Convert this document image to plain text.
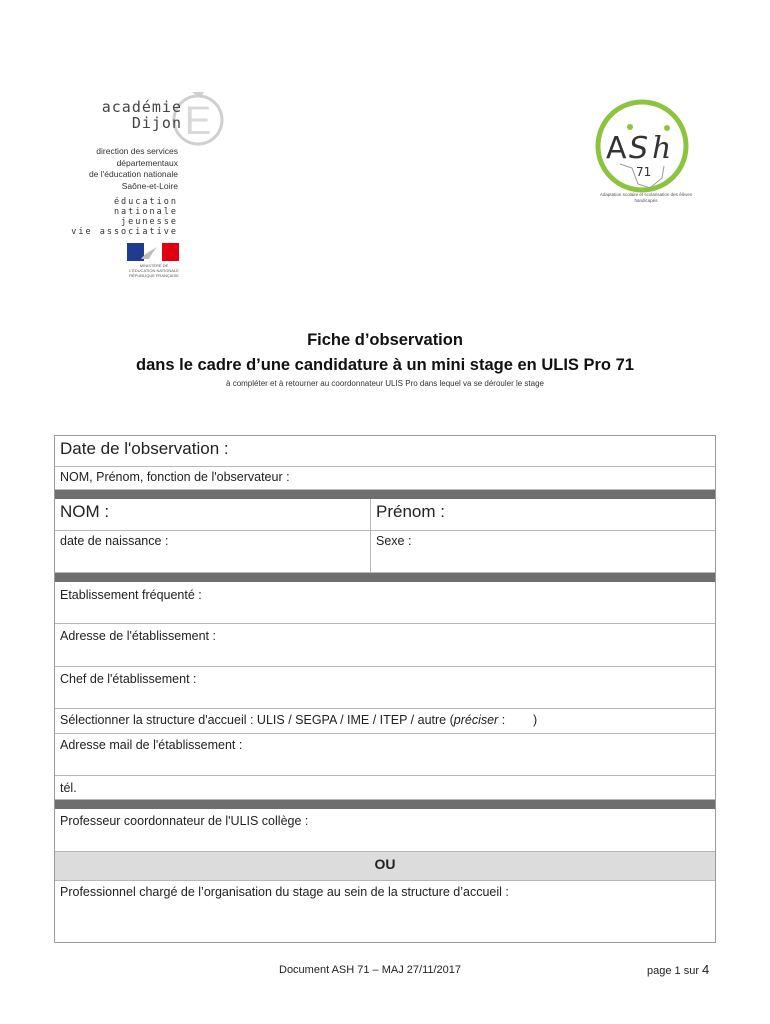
E
académie
Dijon
direction des services
départementaux
de l'éducation nationale
Saône-et-Loire
éducation
nationale
jeunesse
vie associative
MINISTÈRE DE L'ÉDUCATION NATIONALE RÉPUBLIQUE FRANÇAISE
A S h
71
Adaptation scolaire et scolarisation des élèves handicapés
Fiche d’observation
dans le cadre d’une candidature à un mini stage en ULIS Pro 71
à compléter et à retourner au coordonnateur ULIS Pro dans lequel va se dérouler le stage
Date de l'observation :
NOM, Prénom, fonction de l'observateur :
NOM :	Prénom :
date de naissance :	Sexe :
Etablissement fréquenté :
Adresse de l'établissement :
Chef de l'établissement :
Sélectionner la structure d'accueil : ULIS / SEGPA / IME / ITEP / autre (préciser :        )
Adresse mail de l'établissement :
tél.
Professeur coordonnateur de l'ULIS collège :
OU
Professionnel chargé de l’organisation du stage au sein de la structure d’accueil :
Document ASH 71 – MAJ 27/11/2017	page 1 sur 4
